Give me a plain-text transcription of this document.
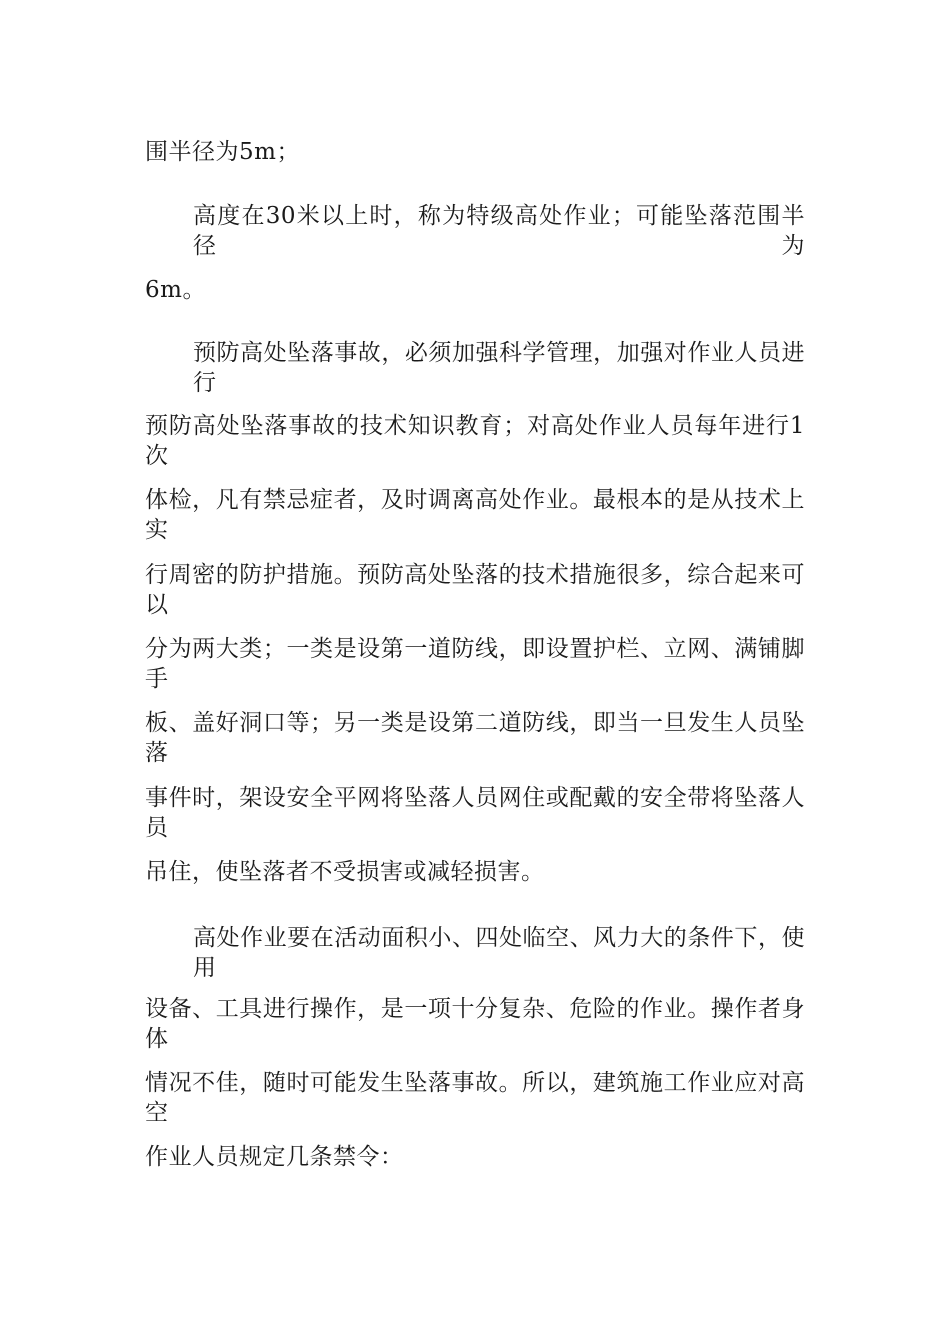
围半径为5m；
高度在30米以上时，称为特级高处作业；可能坠落范围半径为
6m。
预防高处坠落事故，必须加强科学管理，加强对作业人员进行
预防高处坠落事故的技术知识教育；对高处作业人员每年进行1次
体检，凡有禁忌症者，及时调离高处作业。最根本的是从技术上实
行周密的防护措施。预防高处坠落的技术措施很多，综合起来可以
分为两大类；一类是设第一道防线，即设置护栏、立网、满铺脚手
板、盖好洞口等；另一类是设第二道防线，即当一旦发生人员坠落
事件时，架设安全平网将坠落人员网住或配戴的安全带将坠落人员
吊住，使坠落者不受损害或减轻损害。
高处作业要在活动面积小、四处临空、风力大的条件下，使用
设备、工具进行操作，是一项十分复杂、危险的作业。操作者身体
情况不佳，随时可能发生坠落事故。所以，建筑施工作业应对高空
作业人员规定几条禁令：
